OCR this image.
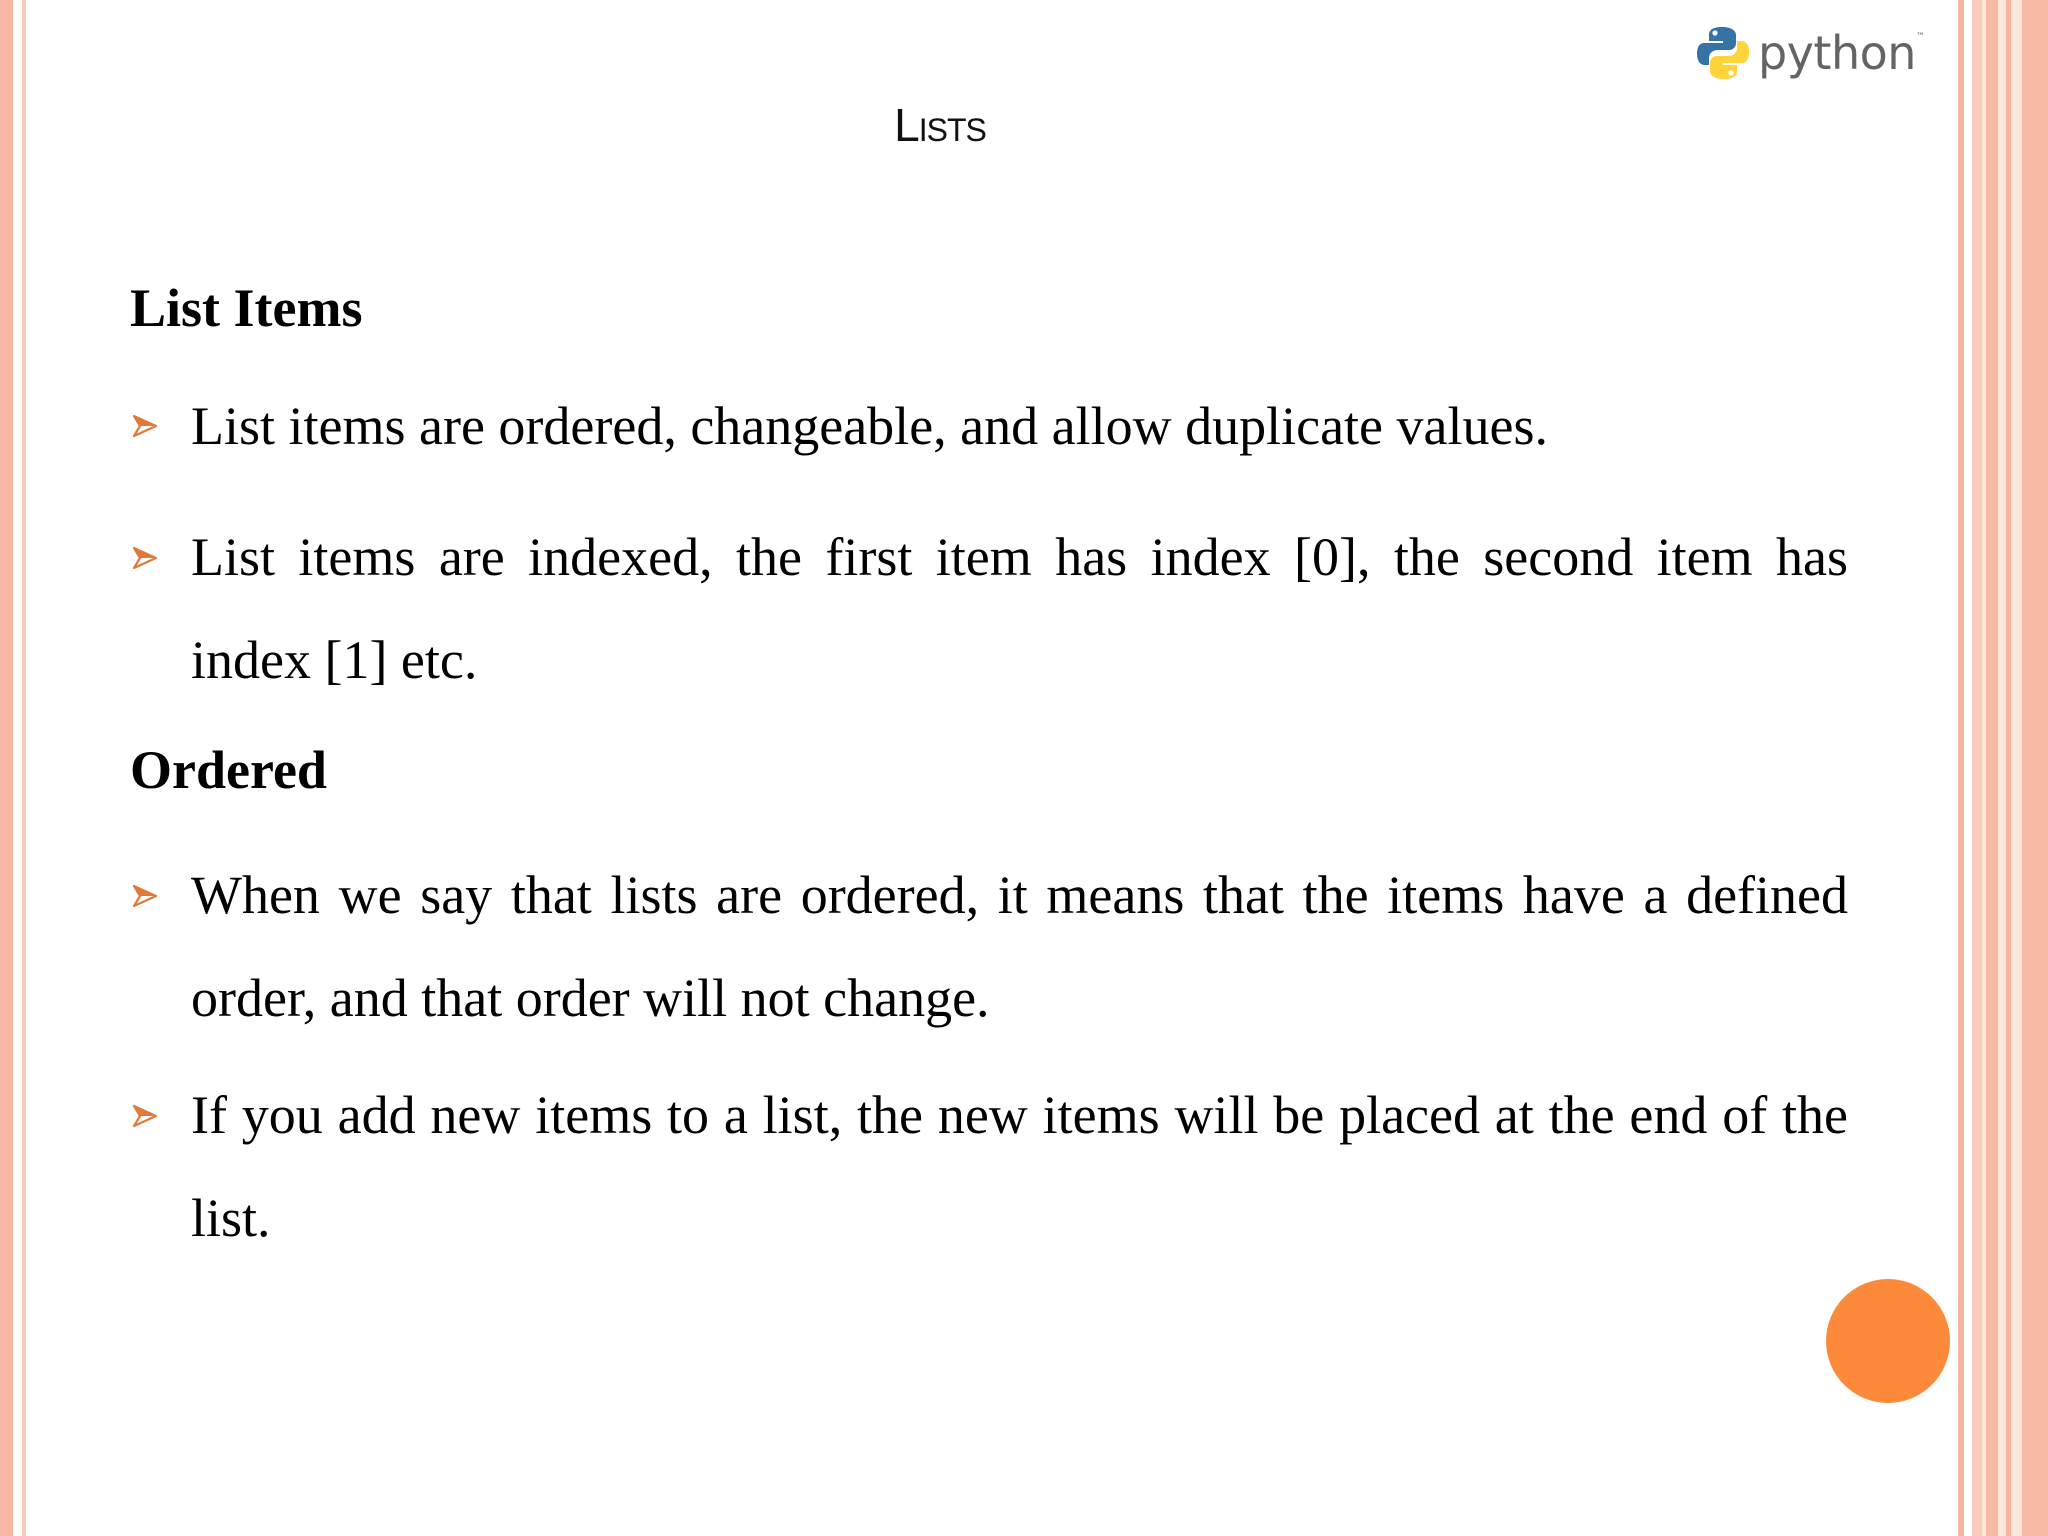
python ™
Lists

List Items

List items are ordered, changeable, and allow duplicate values.
List items are indexed, the first item has index [0], the second item has index [1] etc.

Ordered

When we say that lists are ordered, it means that the items have a defined order, and that order will not change.
If you add new items to a list, the new items will be placed at the end of the list.
